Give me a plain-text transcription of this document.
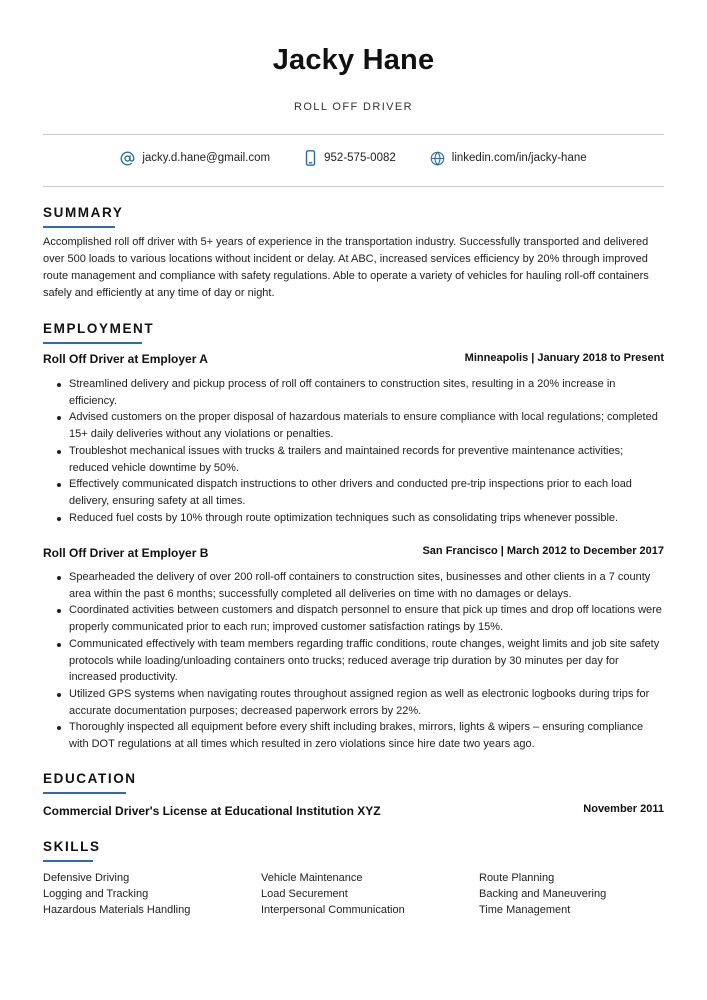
Jacky Hane
ROLL OFF DRIVER
jacky.d.hane@gmail.com	952-575-0082	linkedin.com/in/jacky-hane
SUMMARY
Accomplished roll off driver with 5+ years of experience in the transportation industry. Successfully transported and delivered over 500 loads to various locations without incident or delay. At ABC, increased services efficiency by 20% through improved route management and compliance with safety regulations. Able to operate a variety of vehicles for hauling roll-off containers safely and efficiently at any time of day or night.
EMPLOYMENT
Roll Off Driver at Employer A	Minneapolis | January 2018 to Present
Streamlined delivery and pickup process of roll off containers to construction sites, resulting in a 20% increase in efficiency.
Advised customers on the proper disposal of hazardous materials to ensure compliance with local regulations; completed 15+ daily deliveries without any violations or penalties.
Troubleshot mechanical issues with trucks & trailers and maintained records for preventive maintenance activities; reduced vehicle downtime by 50%.
Effectively communicated dispatch instructions to other drivers and conducted pre-trip inspections prior to each load delivery, ensuring safety at all times.
Reduced fuel costs by 10% through route optimization techniques such as consolidating trips whenever possible.
Roll Off Driver at Employer B	San Francisco | March 2012 to December 2017
Spearheaded the delivery of over 200 roll-off containers to construction sites, businesses and other clients in a 7 county area within the past 6 months; successfully completed all deliveries on time with no damages or delays.
Coordinated activities between customers and dispatch personnel to ensure that pick up times and drop off locations were properly communicated prior to each run; improved customer satisfaction ratings by 15%.
Communicated effectively with team members regarding traffic conditions, route changes, weight limits and job site safety protocols while loading/unloading containers onto trucks; reduced average trip duration by 30 minutes per day for increased productivity.
Utilized GPS systems when navigating routes throughout assigned region as well as electronic logbooks during trips for accurate documentation purposes; decreased paperwork errors by 22%.
Thoroughly inspected all equipment before every shift including brakes, mirrors, lights & wipers – ensuring compliance with DOT regulations at all times which resulted in zero violations since hire date two years ago.
EDUCATION
Commercial Driver's License at Educational Institution XYZ	November 2011
SKILLS
Defensive Driving	Vehicle Maintenance	Route Planning
Logging and Tracking	Load Securement	Backing and Maneuvering
Hazardous Materials Handling	Interpersonal Communication	Time Management
